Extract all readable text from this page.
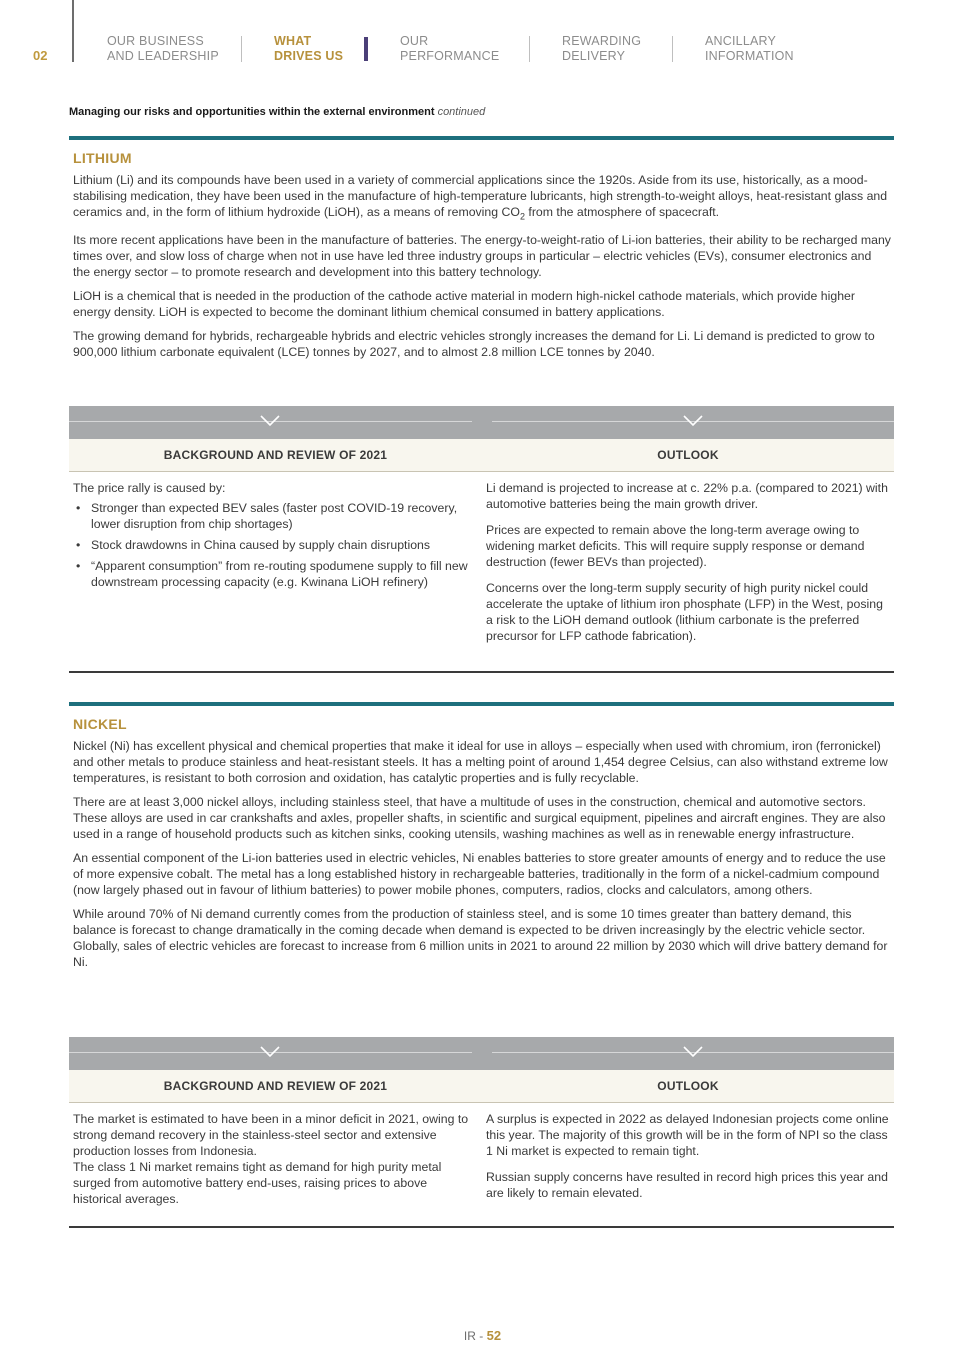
02
OUR BUSINESS
AND LEADERSHIP
WHAT
DRIVES US
OUR
PERFORMANCE
REWARDING
DELIVERY
ANCILLARY
INFORMATION
Managing our risks and opportunities within the external environment continued
LITHIUM
Lithium (Li) and its compounds have been used in a variety of commercial applications since the 1920s. Aside from its use, historically, as a mood-stabilising medication, they have been used in the manufacture of high-temperature lubricants, high strength-to-weight alloys, heat-resistant glass and ceramics and, in the form of lithium hydroxide (LiOH), as a means of removing $CO_2$ from the atmosphere of spacecraft.
Its more recent applications have been in the manufacture of batteries. The energy-to-weight-ratio of Li-ion batteries, their ability to be recharged many times over, and slow loss of charge when not in use have led three industry groups in particular – electric vehicles (EVs), consumer electronics and the energy sector – to promote research and development into this battery technology.
LiOH is a chemical that is needed in the production of the cathode active material in modern high-nickel cathode materials, which provide higher energy density. LiOH is expected to become the dominant lithium chemical consumed in battery applications.
The growing demand for hybrids, rechargeable hybrids and electric vehicles strongly increases the demand for Li. Li demand is predicted to grow to 900,000 lithium carbonate equivalent (LCE) tonnes by 2027, and to almost 2.8 million LCE tonnes by 2040.
BACKGROUND AND REVIEW OF 2021	OUTLOOK

The price rally is caused by:

• Stronger than expected BEV sales (faster post COVID-19 recovery, lower disruption from chip shortages)
• Stock drawdowns in China caused by supply chain disruptions
• “Apparent consumption” from re-routing spodumene supply to fill new downstream processing capacity (e.g. Kwinana LiOH refinery)

Li demand is projected to increase at c. 22% p.a. (compared to 2021) with automotive batteries being the main growth driver.

Prices are expected to remain above the long-term average owing to widening market deficits. This will require supply response or demand destruction (fewer BEVs than projected).

Concerns over the long-term supply security of high purity nickel could accelerate the uptake of lithium iron phosphate (LFP) in the West, posing a risk to the LiOH demand outlook (lithium carbonate is the preferred precursor for LFP cathode fabrication).

NICKEL
Nickel (Ni) has excellent physical and chemical properties that make it ideal for use in alloys – especially when used with chromium, iron (ferronickel) and other metals to produce stainless and heat-resistant steels. It has a melting point of around 1,454 degree Celsius, can also withstand extreme low temperatures, is resistant to both corrosion and oxidation, has catalytic properties and is fully recyclable.
There are at least 3,000 nickel alloys, including stainless steel, that have a multitude of uses in the construction, chemical and automotive sectors. These alloys are used in car crankshafts and axles, propeller shafts, in scientific and surgical equipment, pipelines and aircraft engines. They are also used in a range of household products such as kitchen sinks, cooking utensils, washing machines as well as in renewable energy infrastructure.
An essential component of the Li-ion batteries used in electric vehicles, Ni enables batteries to store greater amounts of energy and to reduce the use of more expensive cobalt. The metal has a long established history in rechargeable batteries, traditionally in the form of a nickel-cadmium compound (now largely phased out in favour of lithium batteries) to power mobile phones, computers, radios, clocks and calculators, among others.
While around 70% of Ni demand currently comes from the production of stainless steel, and is some 10 times greater than battery demand, this balance is forecast to change dramatically in the coming decade when demand is expected to be driven increasingly by the electric vehicle sector. Globally, sales of electric vehicles are forecast to increase from 6 million units in 2021 to around 22 million by 2030 which will drive battery demand for Ni.
BACKGROUND AND REVIEW OF 2021	OUTLOOK

The market is estimated to have been in a minor deficit in 2021, owing to strong demand recovery in the stainless-steel sector and extensive production losses from Indonesia.

The class 1 Ni market remains tight as demand for high purity metal surged from automotive battery end-uses, raising prices to above historical averages.

A surplus is expected in 2022 as delayed Indonesian projects come online this year. The majority of this growth will be in the form of NPI so the class 1 Ni market is expected to remain tight.

Russian supply concerns have resulted in record high prices this year and are likely to remain elevated.

IR - 52
